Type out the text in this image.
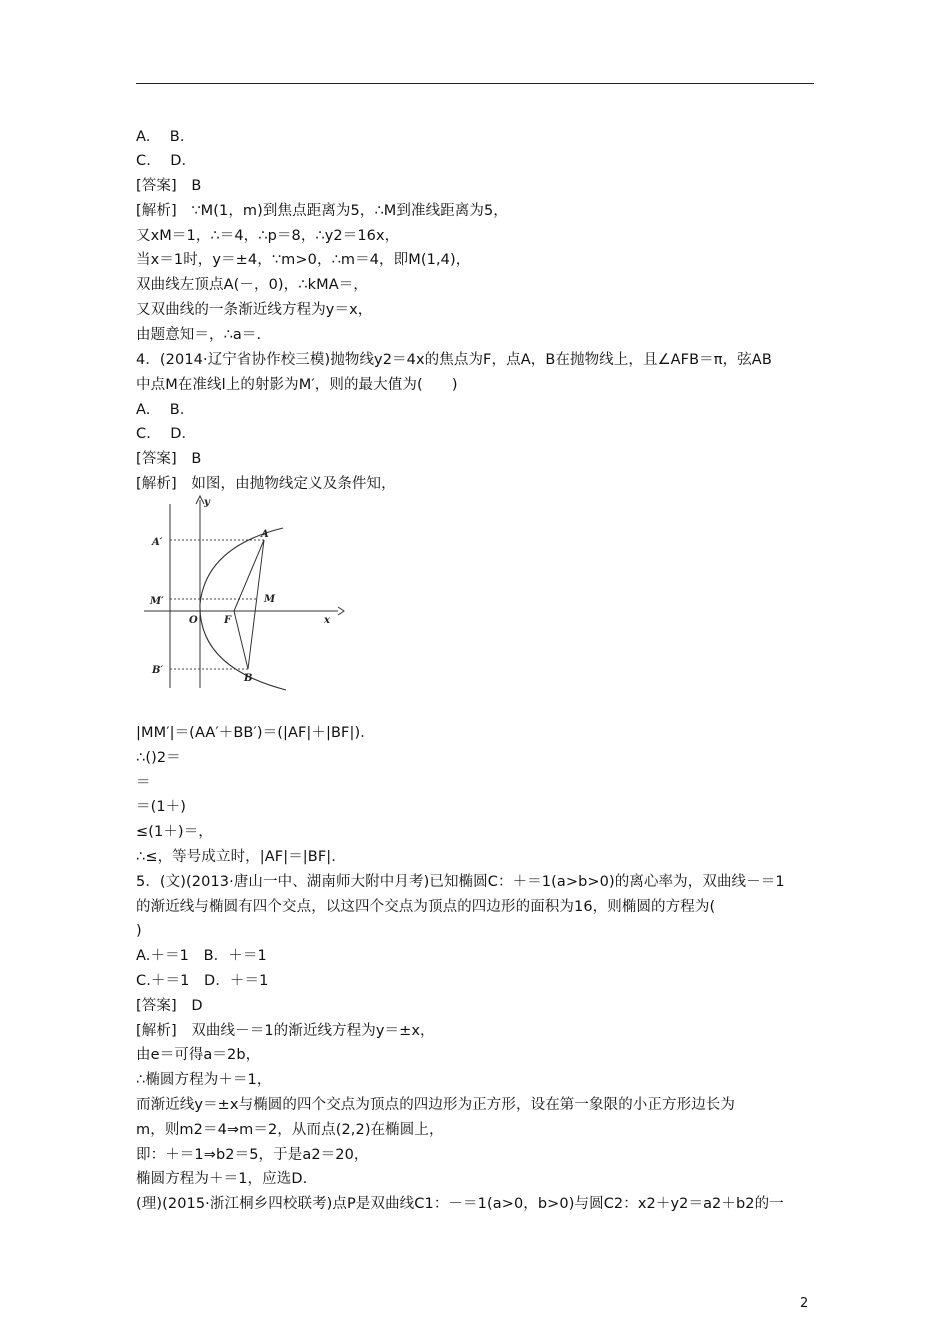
A.　 B．
C.　 D．
[答案]　B
[解析]　∵M(1，m)到焦点距离为5，∴M到准线距离为5，
又xM＝1，∴＝4，∴p＝8，∴y2＝16x，
当x＝1时，y＝±4，∵m>0，∴m＝4，即M(1,4)，
双曲线左顶点A(－，0)，∴kMA＝，
又双曲线的一条渐近线方程为y＝x，
由题意知＝，∴a＝.
4．(2014·辽宁省协作校三模)抛物线y2＝4x的焦点为F，点A，B在抛物线上，且∠AFB＝π，弦AB
中点M在准线l上的射影为M′，则的最大值为(　　)
A.　 B．
C.　 D．
[答案]　B
[解析]　如图，由抛物线定义及条件知，
|MM′|＝(AA′＋BB′)＝(|AF|＋|BF|)．
∴()2＝
＝
＝(1＋)
≤(1＋)＝，
∴≤，等号成立时，|AF|＝|BF|.
5．(文)(2013·唐山一中、湖南师大附中月考)已知椭圆C：＋＝1(a>b>0)的离心率为，双曲线－＝1
的渐近线与椭圆有四个交点，以这四个交点为顶点的四边形的面积为16，则椭圆的方程为(
)
A.＋＝1　B．＋＝1
C.＋＝1　D．＋＝1
[答案]　D
[解析]　双曲线－＝1的渐近线方程为y＝±x，
由e＝可得a＝2b，
∴椭圆方程为＋＝1，
而渐近线y＝±x与椭圆的四个交点为顶点的四边形为正方形，设在第一象限的小正方形边长为
m，则m2＝4⇒m＝2，从而点(2,2)在椭圆上，
即：＋＝1⇒b2＝5，于是a2＝20，
椭圆方程为＋＝1，应选D.
(理)(2015·浙江桐乡四校联考)点P是双曲线C1：－＝1(a>0，b>0)与圆C2：x2＋y2＝a2＋b2的一
y
x
A′
M′
B′
O	F
A
M
B
2
